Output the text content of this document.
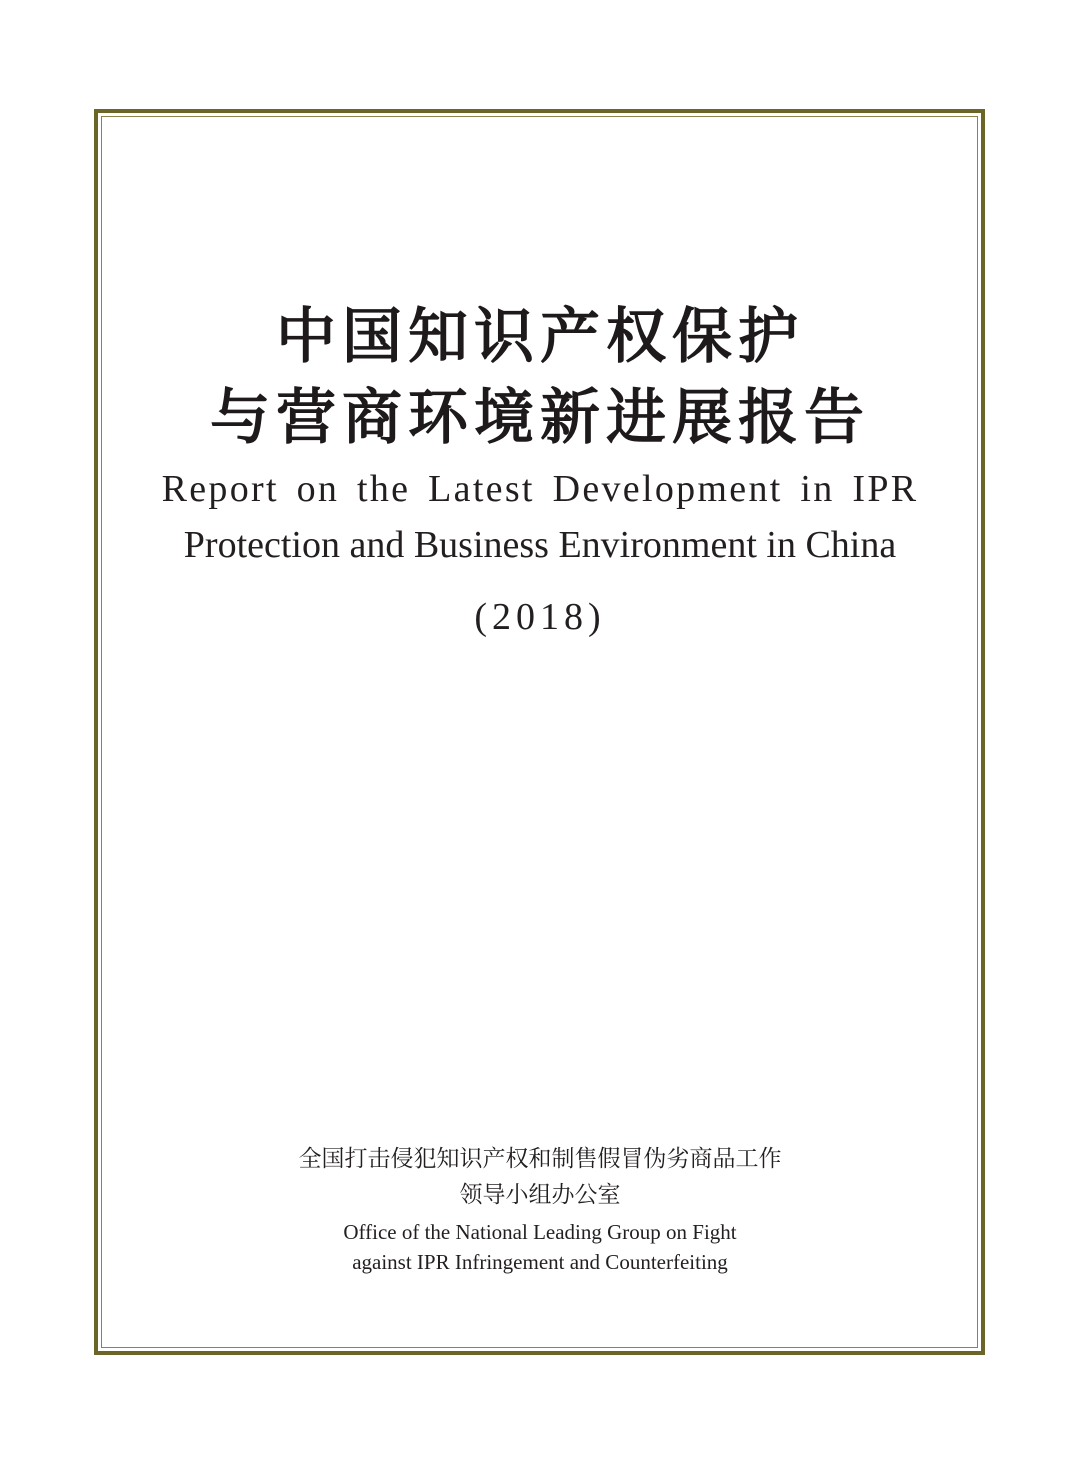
中国知识产权保护
与营商环境新进展报告
Report on the Latest Development in IPR
Protection and Business Environment in China
(2018)
全国打击侵犯知识产权和制售假冒伪劣商品工作
领导小组办公室
Office of the National Leading Group on Fight
against IPR Infringement and Counterfeiting
